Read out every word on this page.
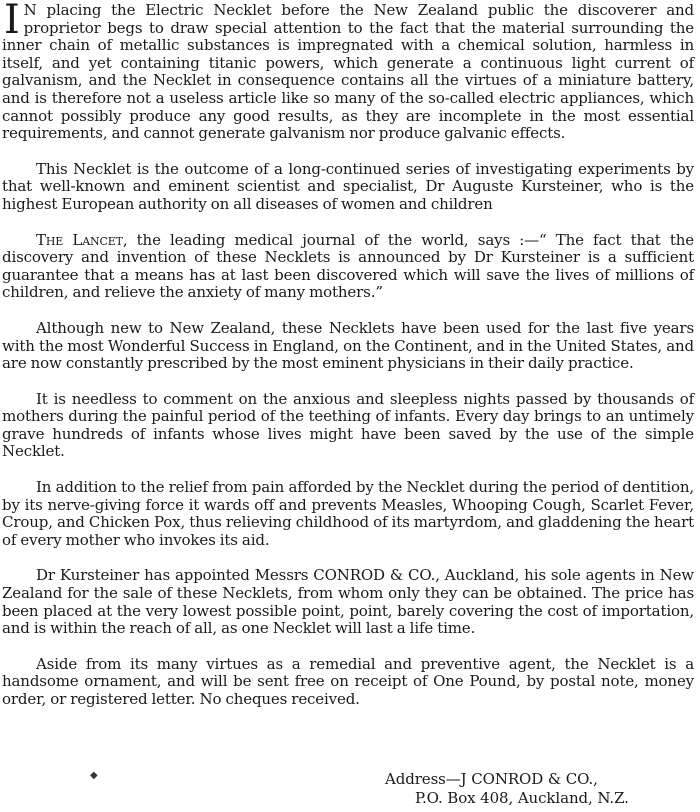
I N placing the Electric Necklet before the New Zealand public the discoverer and proprietor begs to draw special attention to the fact that the material surrounding the inner chain of metallic substances is impregnated with a chemical solution, harmless in itself, and yet containing titanic powers, which generate a continuous light current of galvanism, and the Necklet in consequence contains all the virtues of a miniature battery, and is therefore not a useless article like so many of the so-called electric appliances, which cannot possibly produce any good results, as they are incomplete in the most essential requirements, and cannot generate galvanism nor produce galvanic effects.

This Necklet is the outcome of a long-continued series of investigating experiments by that well-known and eminent scientist and specialist, Dr Auguste Kursteiner, who is the highest European authority on all diseases of women and children

The Lancet, the leading medical journal of the world, says :—“ The fact that the discovery and invention of these Necklets is announced by Dr Kursteiner is a sufficient guarantee that a means has at last been discovered which will save the lives of millions of children, and relieve the anxiety of many mothers.”

Although new to New Zealand, these Necklets have been used for the last five years with the most Wonderful Success in England, on the Continent, and in the United States, and are now constantly prescribed by the most eminent physicians in their daily practice.

It is needless to comment on the anxious and sleepless nights passed by thousands of mothers during the painful period of the teething of infants. Every day brings to an untimely grave hundreds of infants whose lives might have been saved by the use of the simple Necklet.

In addition to the relief from pain afforded by the Necklet during the period of dentition, by its nerve-giving force it wards off and prevents Measles, Whooping Cough, Scarlet Fever, Croup, and Chicken Pox, thus relieving childhood of its martyrdom, and gladdening the heart of every mother who invokes its aid.

Dr Kursteiner has appointed Messrs CONROD & CO., Auckland, his sole agents in New Zealand for the sale of these Necklets, from whom only they can be obtained. The price has been placed at the very lowest possible point, point, barely covering the cost of importation, and is within the reach of all, as one Necklet will last a life time.

Aside from its many virtues as a remedial and preventive agent, the Necklet is a handsome ornament, and will be sent free on receipt of One Pound, by postal note, money order, or registered letter. No cheques received.

◆	Address—J CONROD & CO.,
P.O. Box 408, Auckland, N.Z.
